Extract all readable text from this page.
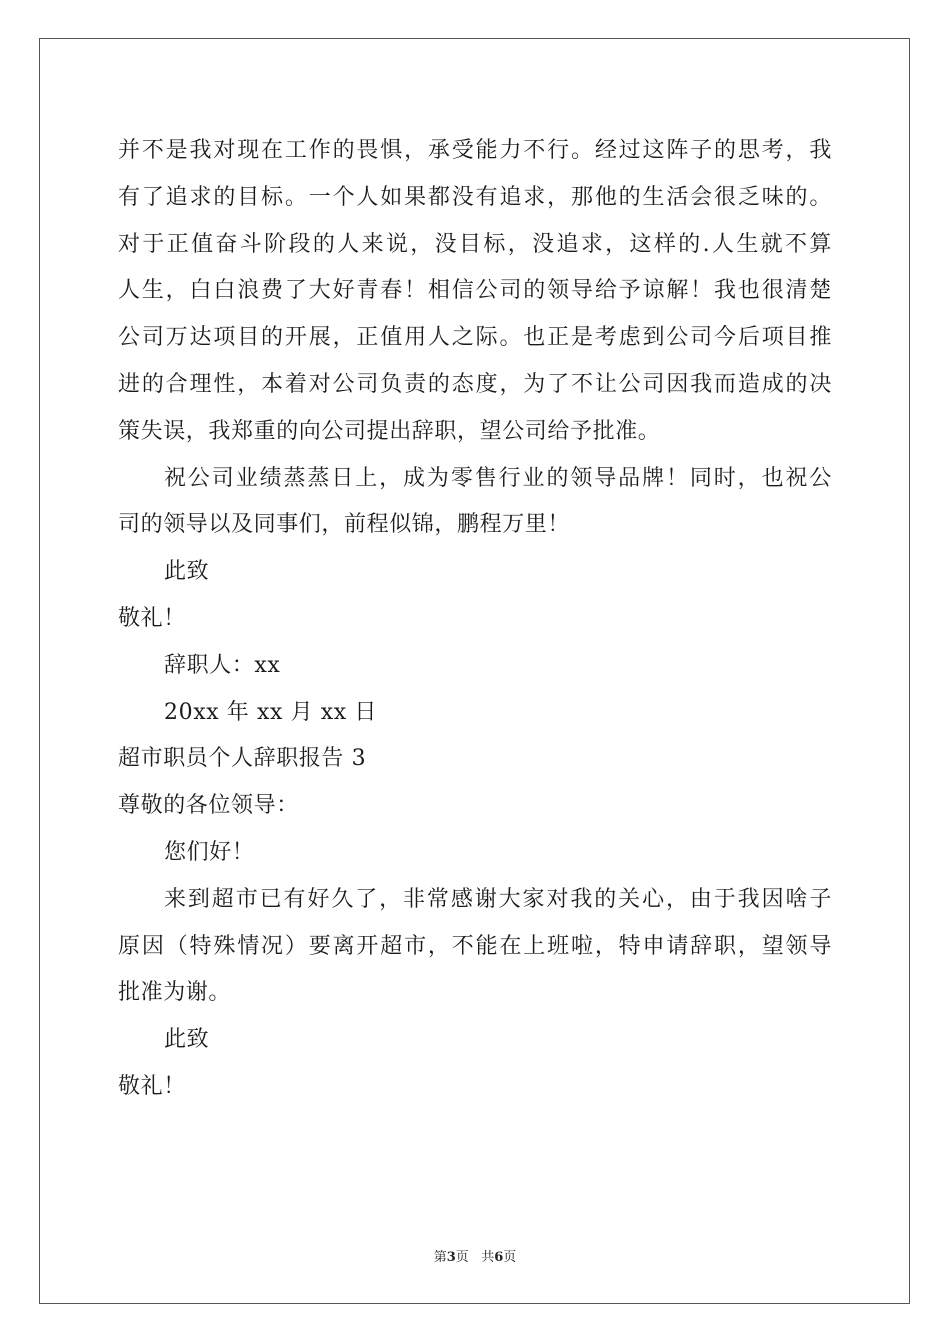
并不是我对现在工作的畏惧，承受能力不行。经过这阵子的思考，我
有了追求的目标。一个人如果都没有追求，那他的生活会很乏味的。
对于正值奋斗阶段的人来说，没目标，没追求，这样的.人生就不算
人生，白白浪费了大好青春！相信公司的领导给予谅解！我也很清楚
公司万达项目的开展，正值用人之际。也正是考虑到公司今后项目推
进的合理性，本着对公司负责的态度，为了不让公司因我而造成的决
策失误，我郑重的向公司提出辞职，望公司给予批准。
祝公司业绩蒸蒸日上，成为零售行业的领导品牌！同时，也祝公
司的领导以及同事们，前程似锦，鹏程万里！
此致
敬礼！
辞职人：xx
20xx 年 xx 月 xx 日
超市职员个人辞职报告 3
尊敬的各位领导：
您们好！
来到超市已有好久了，非常感谢大家对我的关心，由于我因啥子
原因（特殊情况）要离开超市，不能在上班啦，特申请辞职，望领导
批准为谢。
此致
敬礼！
第3页 共6页
